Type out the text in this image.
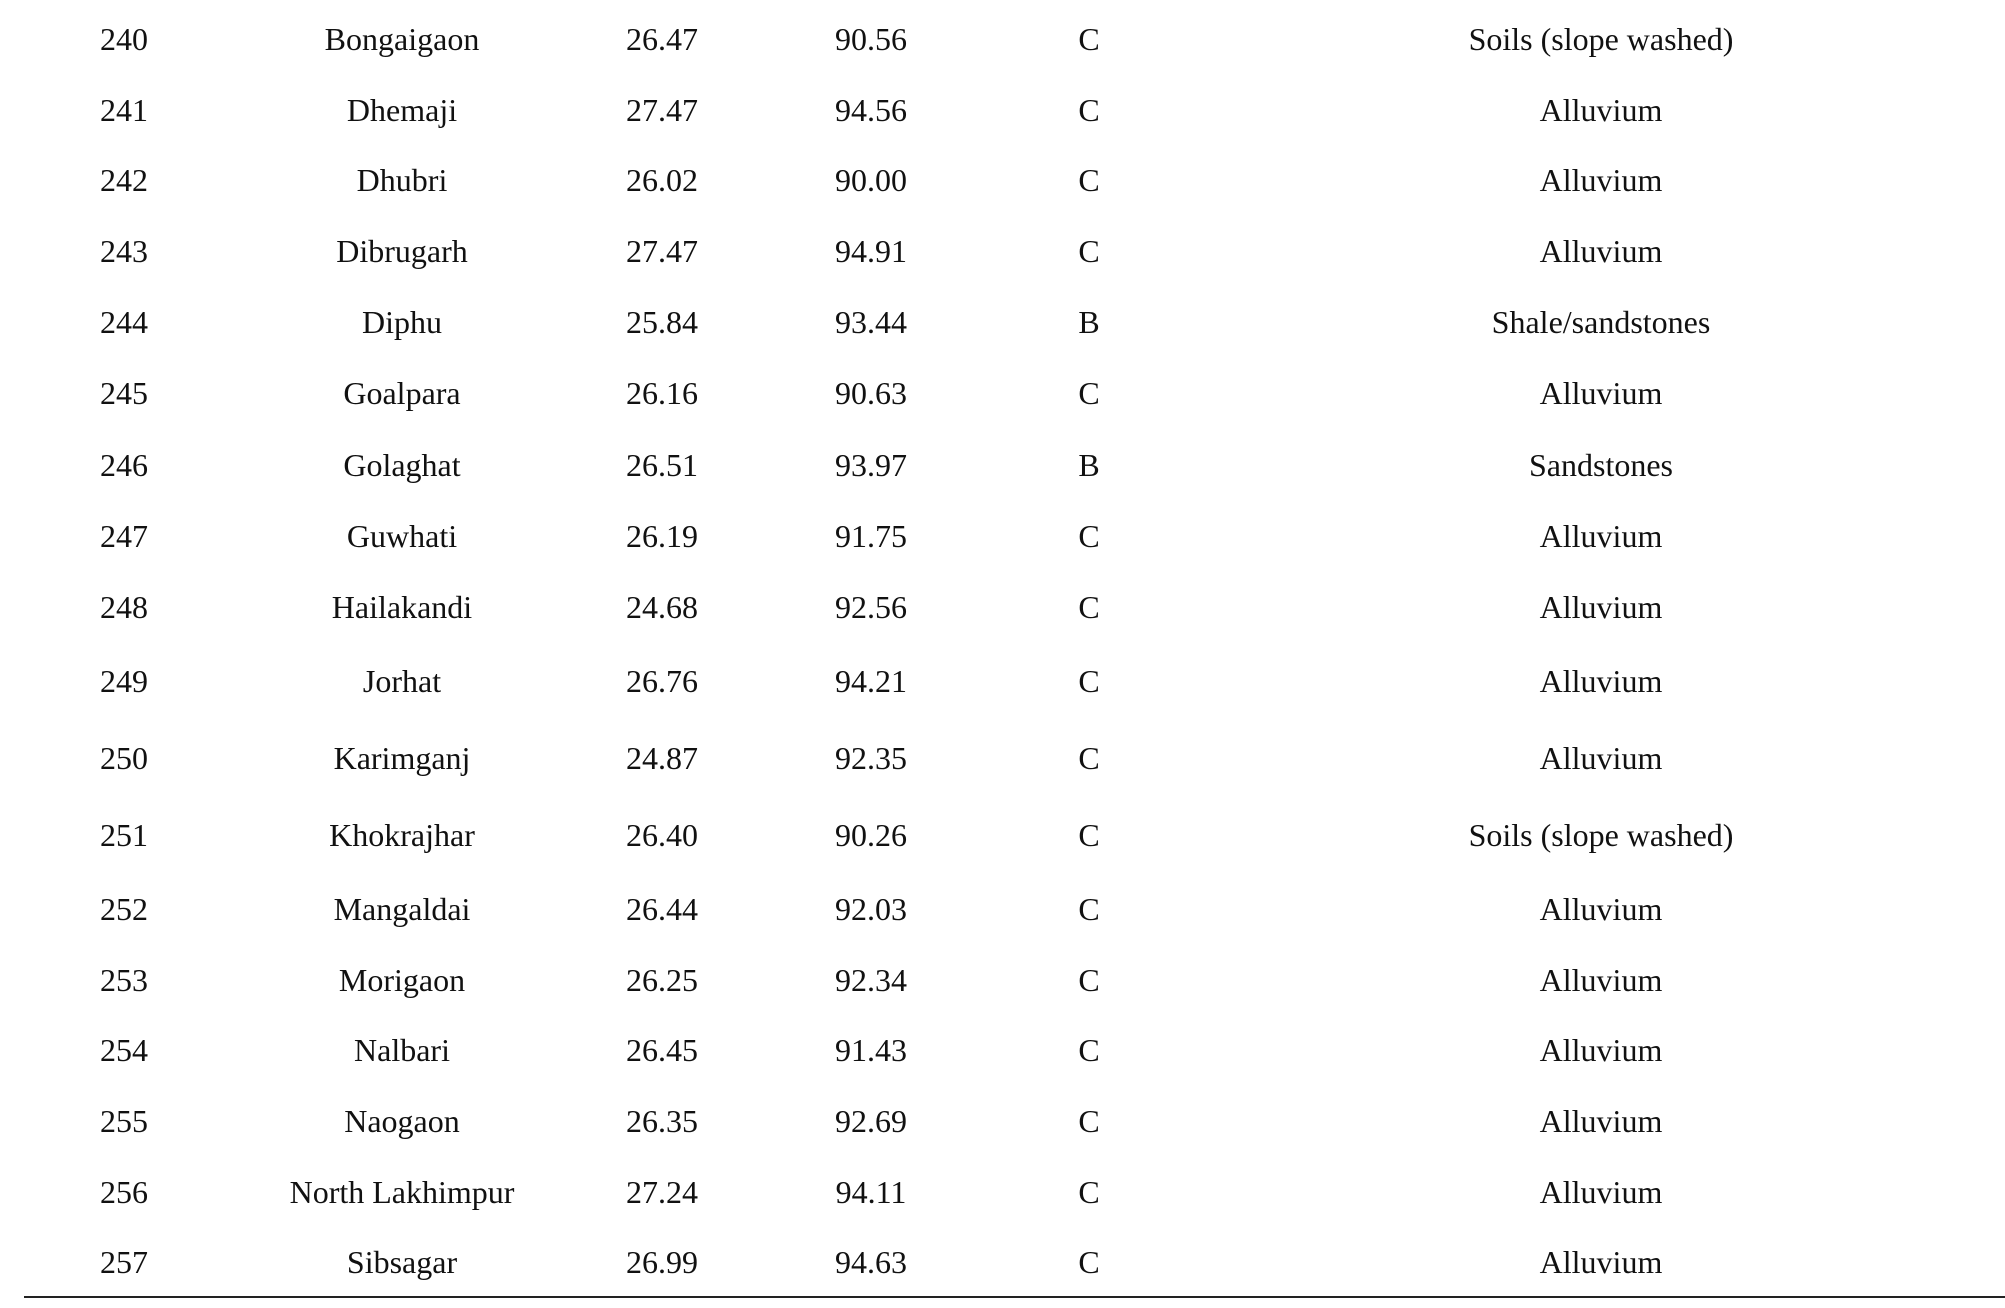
240	Bongaigaon	26.47	90.56	C	Soils (slope washed)
241	Dhemaji	27.47	94.56	C	Alluvium
242	Dhubri	26.02	90.00	C	Alluvium
243	Dibrugarh	27.47	94.91	C	Alluvium
244	Diphu	25.84	93.44	B	Shale/sandstones
245	Goalpara	26.16	90.63	C	Alluvium
246	Golaghat	26.51	93.97	B	Sandstones
247	Guwhati	26.19	91.75	C	Alluvium
248	Hailakandi	24.68	92.56	C	Alluvium
249	Jorhat	26.76	94.21	C	Alluvium
250	Karimganj	24.87	92.35	C	Alluvium
251	Khokrajhar	26.40	90.26	C	Soils (slope washed)
252	Mangaldai	26.44	92.03	C	Alluvium
253	Morigaon	26.25	92.34	C	Alluvium
254	Nalbari	26.45	91.43	C	Alluvium
255	Naogaon	26.35	92.69	C	Alluvium
256	North Lakhimpur	27.24	94.11	C	Alluvium
257	Sibsagar	26.99	94.63	C	Alluvium
